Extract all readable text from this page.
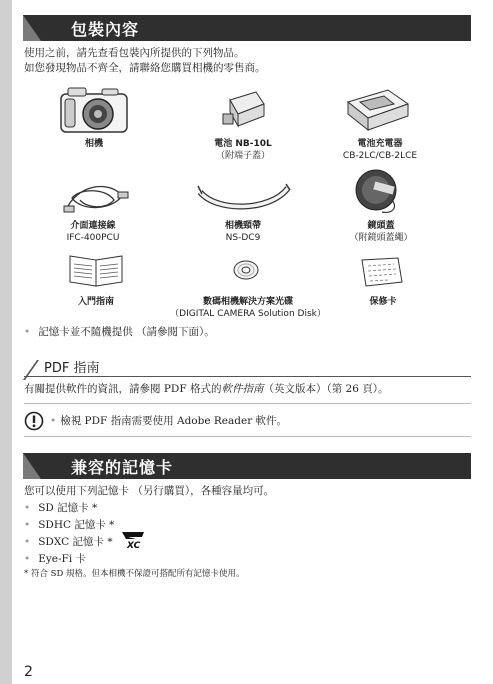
包裝內容
使用之前，請先查看包裝內所提供的下列物品。
如您發現物品不齊全，請聯絡您購買相機的零售商。
相機	電池 NB-10L
（附端子蓋）
電池充電器
CB-2LC/CB-2LCE
介面連接線
IFC-400PCU
相機頸帶
NS-DC9
鏡頭蓋
（附鏡頭蓋繩）
入門指南	數碼相機解決方案光碟
（DIGITAL CAMERA Solution Disk）
保修卡
• 記憶卡並不隨機提供 （請參閱下面）。
PDF 指南
有關提供軟件的資訊，請參閱 PDF 格式的軟件指南（英文版本）（第 26 頁）。
• 檢視 PDF 指南需要使用 Adobe Reader 軟件。
兼容的記憶卡
您可以使用下列記憶卡 （另行購買），各種容量均可。
• SD 記憶卡 *
• SDHC 記憶卡 *
• SDXC 記憶卡 * XC
• Eye-Fi 卡
* 符合 SD 規格。但本相機不保證可搭配所有記憶卡使用。
2
